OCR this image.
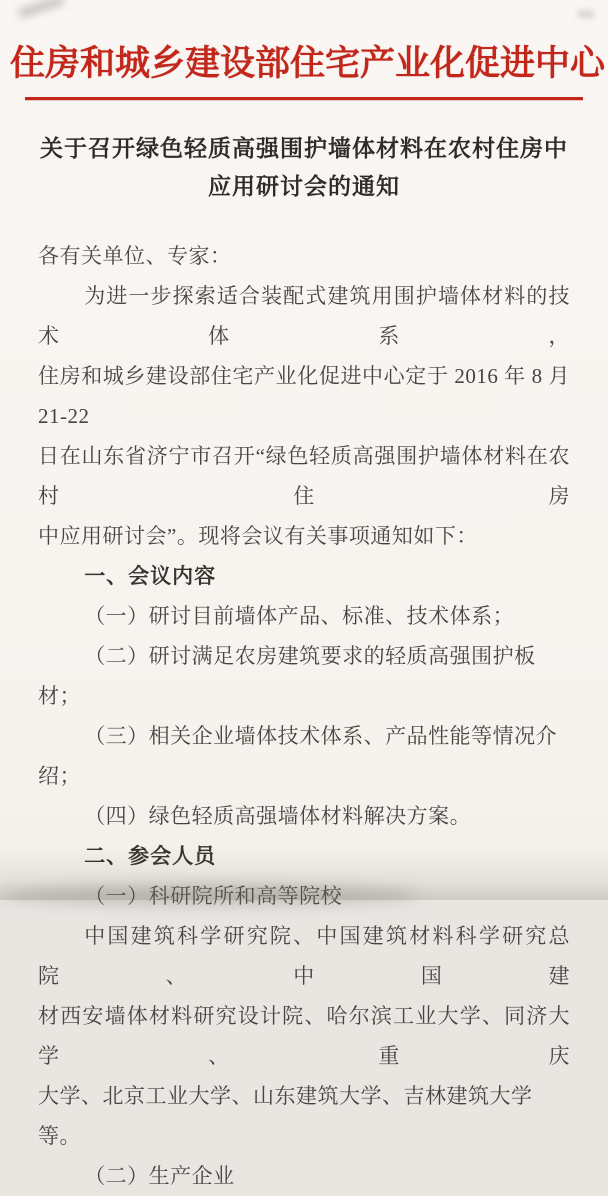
住房和城乡建设部住宅产业化促进中心
关于召开绿色轻质高强围护墙体材料在农村住房中
应用研讨会的通知

各有关单位、专家：

为进一步探索适合装配式建筑用围护墙体材料的技术体系，

住房和城乡建设部住宅产业化促进中心定于 2016 年 8 月 21-22

日在山东省济宁市召开“绿色轻质高强围护墙体材料在农村住房

中应用研讨会”。现将会议有关事项通知如下：

一、会议内容

（一）研讨目前墙体产品、标准、技术体系；

（二）研讨满足农房建筑要求的轻质高强围护板材；

（三）相关企业墙体技术体系、产品性能等情况介绍；

（四）绿色轻质高强墙体材料解决方案。

二、参会人员

（一）科研院所和高等院校

中国建筑科学研究院、中国建筑材料科学研究总院、中国建

材西安墙体材料研究设计院、哈尔滨工业大学、同济大学、重庆

大学、北京工业大学、山东建筑大学、吉林建筑大学等。

（二）生产企业
